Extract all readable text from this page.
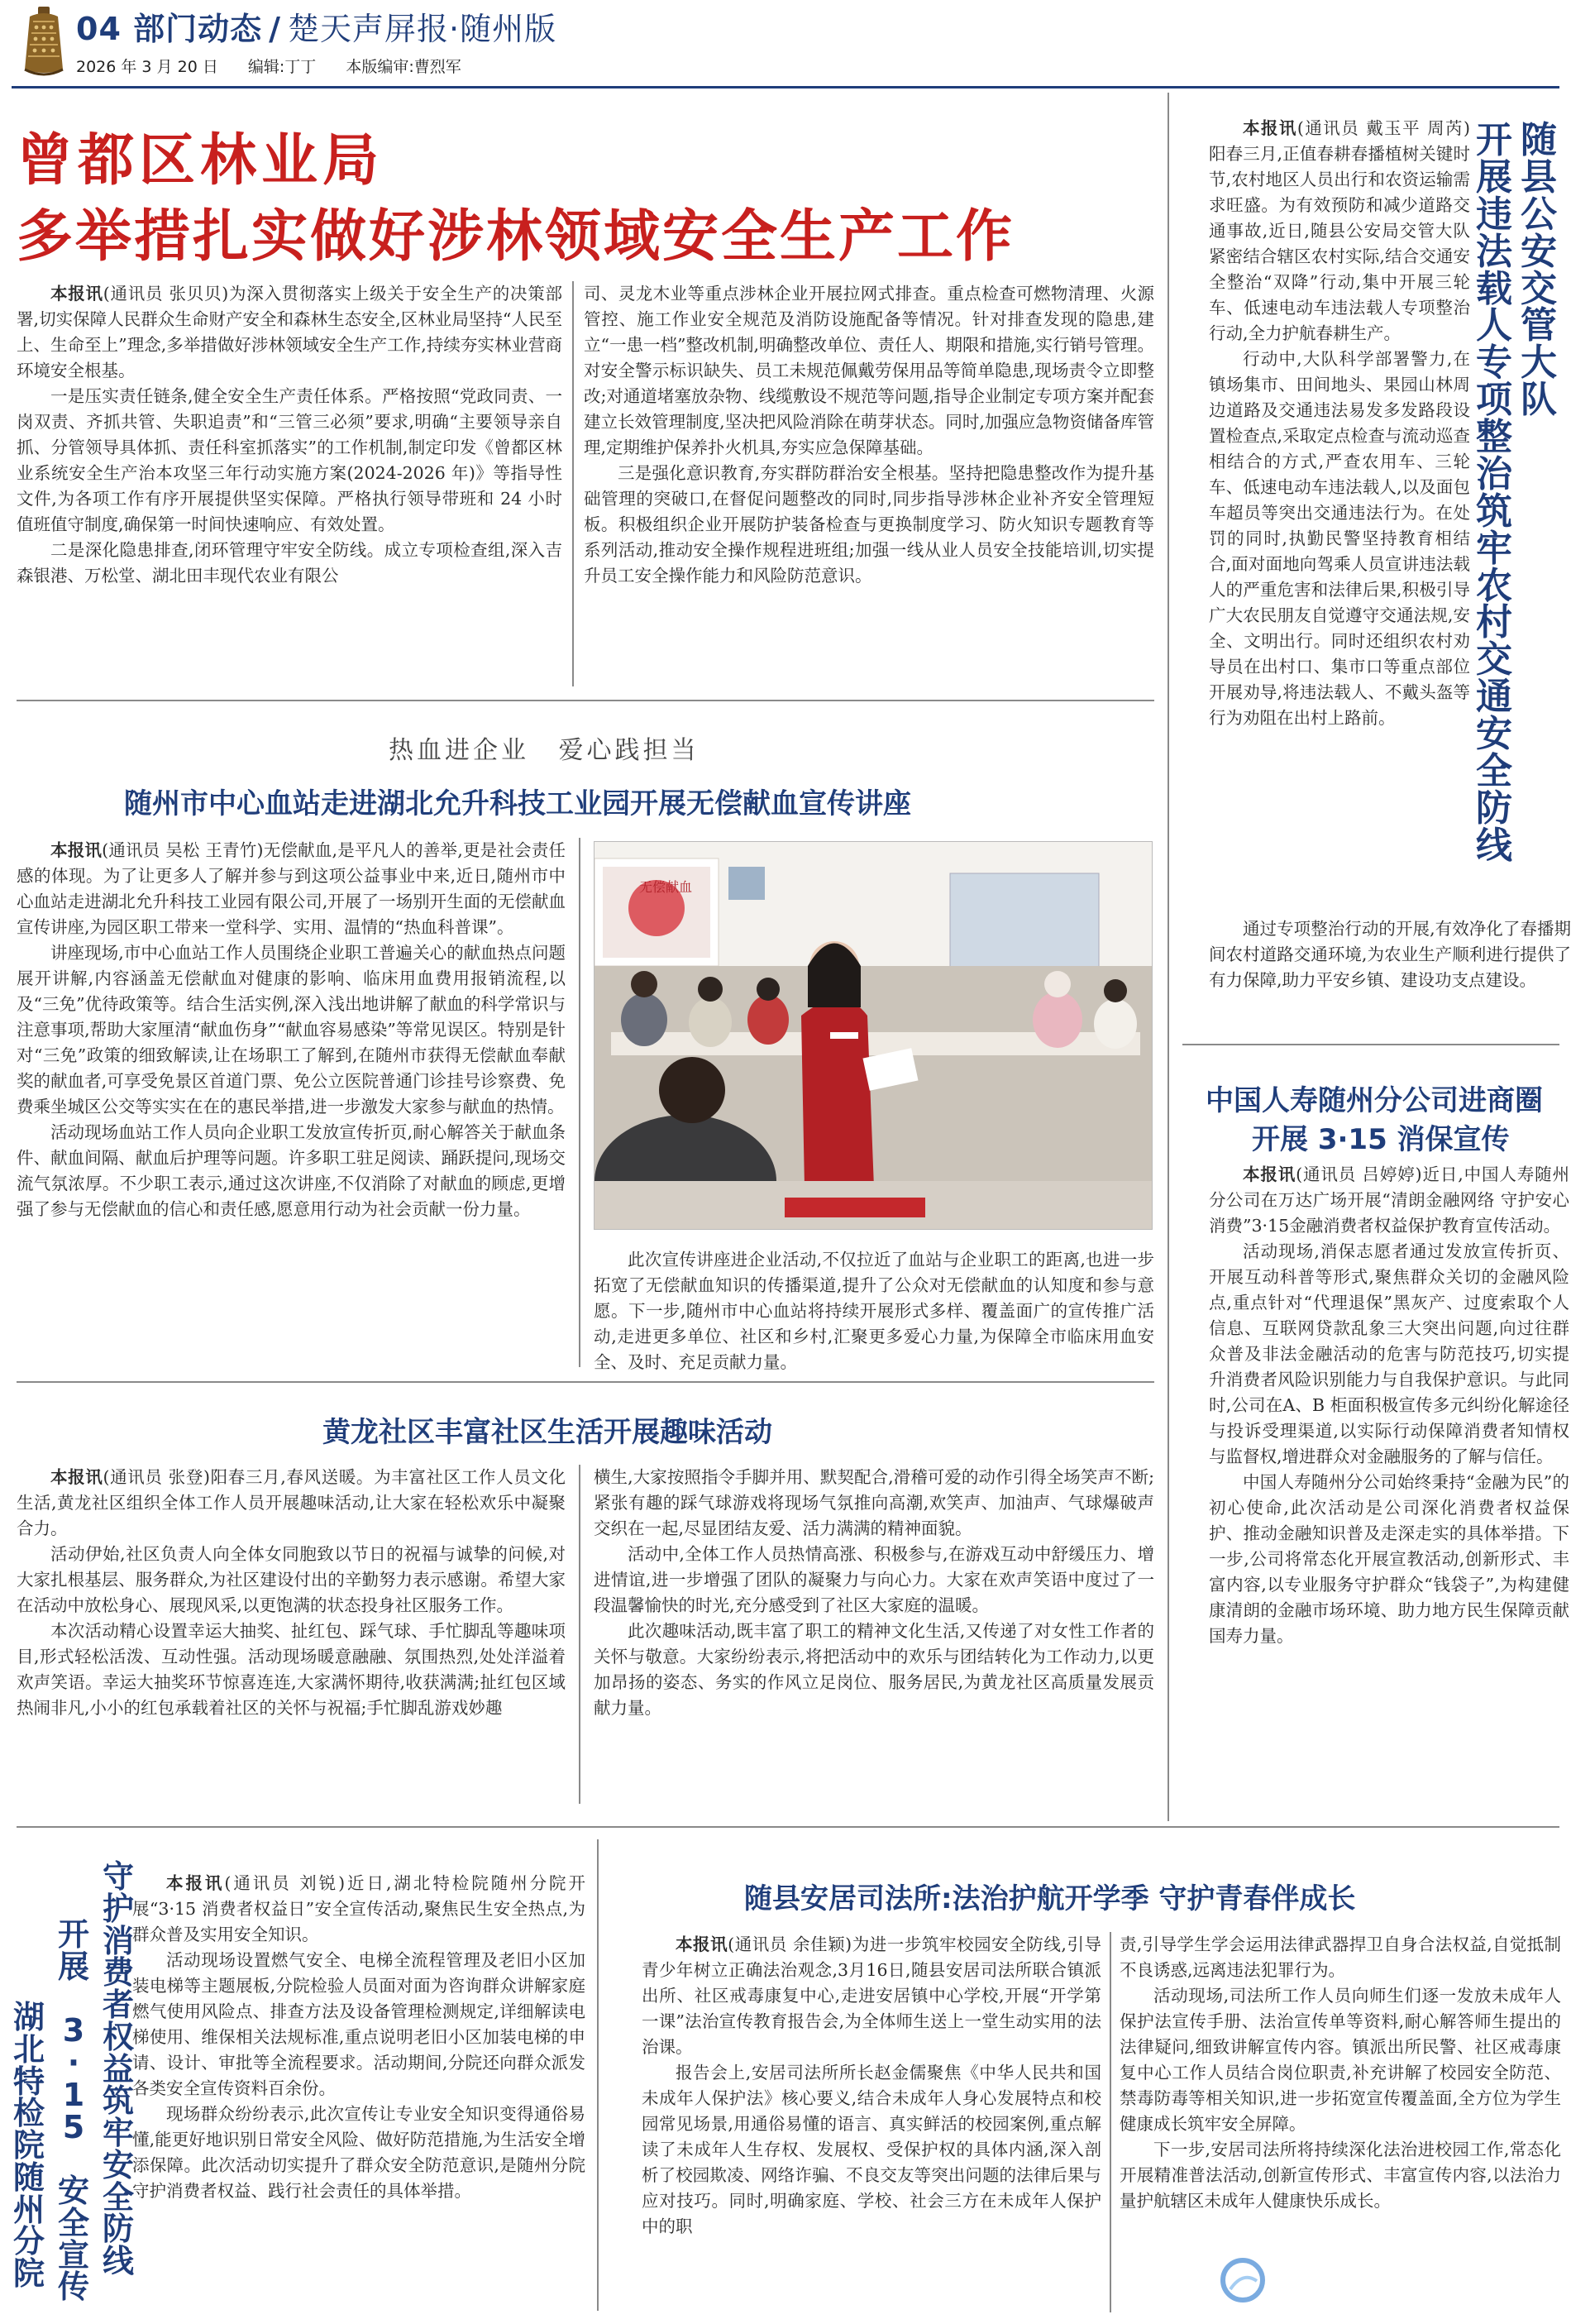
04 部门动态 / 楚天声屏报·随州版
2026 年 3 月 20 日 编辑:丁丁 本版编审:曹烈军
曾都区林业局
多举措扎实做好涉林领域安全生产工作

本报讯(通讯员 张贝贝)为深入贯彻落实上级关于安全生产的决策部署,切实保障人民群众生命财产安全和森林生态安全,区林业局坚持“人民至上、生命至上”理念,多举措做好涉林领域安全生产工作,持续夯实林业营商环境安全根基。

一是压实责任链条,健全安全生产责任体系。严格按照“党政同责、一岗双责、齐抓共管、失职追责”和“三管三必须”要求,明确“主要领导亲自抓、分管领导具体抓、责任科室抓落实”的工作机制,制定印发《曾都区林业系统安全生产治本攻坚三年行动实施方案(2024-2026 年)》等指导性文件,为各项工作有序开展提供坚实保障。严格执行领导带班和 24 小时值班值守制度,确保第一时间快速响应、有效处置。

二是深化隐患排查,闭环管理守牢安全防线。成立专项检查组,深入吉森银港、万松堂、湖北田丰现代农业有限公

司、灵龙木业等重点涉林企业开展拉网式排查。重点检查可燃物清理、火源管控、施工作业安全规范及消防设施配备等情况。针对排查发现的隐患,建立“一患一档”整改机制,明确整改单位、责任人、期限和措施,实行销号管理。对安全警示标识缺失、员工未规范佩戴劳保用品等简单隐患,现场责令立即整改;对通道堵塞放杂物、线缆敷设不规范等问题,指导企业制定专项方案并配套建立长效管理制度,坚决把风险消除在萌芽状态。同时,加强应急物资储备库管理,定期维护保养扑火机具,夯实应急保障基础。

三是强化意识教育,夯实群防群治安全根基。坚持把隐患整改作为提升基础管理的突破口,在督促问题整改的同时,同步指导涉林企业补齐安全管理短板。积极组织企业开展防护装备检查与更换制度学习、防火知识专题教育等系列活动,推动安全操作规程进班组;加强一线从业人员安全技能培训,切实提升员工安全操作能力和风险防范意识。

随
县
公
安
交
管
大
队
开
展
违
法
载
人
专
项
整
治
筑
牢
农
村
交
通
安
全
防
线

本报讯(通讯员 戴玉平 周芮)阳春三月,正值春耕春播植树关键时节,农村地区人员出行和农资运输需求旺盛。为有效预防和减少道路交通事故,近日,随县公安局交管大队紧密结合辖区农村实际,结合交通安全整治“双降”行动,集中开展三轮车、低速电动车违法载人专项整治行动,全力护航春耕生产。

行动中,大队科学部署警力,在镇场集市、田间地头、果园山林周边道路及交通违法易发多发路段设置检查点,采取定点检查与流动巡查相结合的方式,严查农用车、三轮车、低速电动车违法载人,以及面包车超员等突出交通违法行为。在处罚的同时,执勤民警坚持教育相结合,面对面地向驾乘人员宣讲违法载人的严重危害和法律后果,积极引导广大农民朋友自觉遵守交通法规,安全、文明出行。同时还组织农村劝导员在出村口、集市口等重点部位开展劝导,将违法载人、不戴头盔等行为劝阻在出村上路前。

通过专项整治行动的开展,有效净化了春播期间农村道路交通环境,为农业生产顺利进行提供了有力保障,助力平安乡镇、建设功支点建设。

热血进企业 爱心践担当
随州市中心血站走进湖北允升科技工业园开展无偿献血宣传讲座

本报讯(通讯员 吴松 王青竹)无偿献血,是平凡人的善举,更是社会责任感的体现。为了让更多人了解并参与到这项公益事业中来,近日,随州市中心血站走进湖北允升科技工业园有限公司,开展了一场别开生面的无偿献血宣传讲座,为园区职工带来一堂科学、实用、温情的“热血科普课”。

讲座现场,市中心血站工作人员围绕企业职工普遍关心的献血热点问题展开讲解,内容涵盖无偿献血对健康的影响、临床用血费用报销流程,以及“三免”优待政策等。结合生活实例,深入浅出地讲解了献血的科学常识与注意事项,帮助大家厘清“献血伤身”“献血容易感染”等常见误区。特别是针对“三免”政策的细致解读,让在场职工了解到,在随州市获得无偿献血奉献奖的献血者,可享受免景区首道门票、免公立医院普通门诊挂号诊察费、免费乘坐城区公交等实实在在的惠民举措,进一步激发大家参与献血的热情。

活动现场血站工作人员向企业职工发放宣传折页,耐心解答关于献血条件、献血间隔、献血后护理等问题。许多职工驻足阅读、踊跃提问,现场交流气氛浓厚。不少职工表示,通过这次讲座,不仅消除了对献血的顾虑,更增强了参与无偿献血的信心和责任感,愿意用行动为社会贡献一份力量。

无偿献血

此次宣传讲座进企业活动,不仅拉近了血站与企业职工的距离,也进一步拓宽了无偿献血知识的传播渠道,提升了公众对无偿献血的认知度和参与意愿。下一步,随州市中心血站将持续开展形式多样、覆盖面广的宣传推广活动,走进更多单位、社区和乡村,汇聚更多爱心力量,为保障全市临床用血安全、及时、充足贡献力量。

中国人寿随州分公司进商圈
开展 3·15 消保宣传

本报讯(通讯员 吕婷婷)近日,中国人寿随州分公司在万达广场开展“清朗金融网络 守护安心消费”3·15金融消费者权益保护教育宣传活动。

活动现场,消保志愿者通过发放宣传折页、开展互动科普等形式,聚焦群众关切的金融风险点,重点针对“代理退保”黑灰产、过度索取个人信息、互联网贷款乱象三大突出问题,向过往群众普及非法金融活动的危害与防范技巧,切实提升消费者风险识别能力与自我保护意识。与此同时,公司在A、B 柜面积极宣传多元纠纷化解途径与投诉受理渠道,以实际行动保障消费者知情权与监督权,增进群众对金融服务的了解与信任。

中国人寿随州分公司始终秉持“金融为民”的初心使命,此次活动是公司深化消费者权益保护、推动金融知识普及走深走实的具体举措。下一步,公司将常态化开展宣教活动,创新形式、丰富内容,以专业服务守护群众“钱袋子”,为构建健康清朗的金融市场环境、助力地方民生保障贡献国寿力量。

黄龙社区丰富社区生活开展趣味活动

本报讯(通讯员 张登)阳春三月,春风送暖。为丰富社区工作人员文化生活,黄龙社区组织全体工作人员开展趣味活动,让大家在轻松欢乐中凝聚合力。

活动伊始,社区负责人向全体女同胞致以节日的祝福与诚挚的问候,对大家扎根基层、服务群众,为社区建设付出的辛勤努力表示感谢。希望大家在活动中放松身心、展现风采,以更饱满的状态投身社区服务工作。

本次活动精心设置幸运大抽奖、扯红包、踩气球、手忙脚乱等趣味项目,形式轻松活泼、互动性强。活动现场暖意融融、氛围热烈,处处洋溢着欢声笑语。幸运大抽奖环节惊喜连连,大家满怀期待,收获满满;扯红包区域热闹非凡,小小的红包承载着社区的关怀与祝福;手忙脚乱游戏妙趣

横生,大家按照指令手脚并用、默契配合,滑稽可爱的动作引得全场笑声不断;紧张有趣的踩气球游戏将现场气氛推向高潮,欢笑声、加油声、气球爆破声交织在一起,尽显团结友爱、活力满满的精神面貌。

活动中,全体工作人员热情高涨、积极参与,在游戏互动中舒缓压力、增进情谊,进一步增强了团队的凝聚力与向心力。大家在欢声笑语中度过了一段温馨愉快的时光,充分感受到了社区大家庭的温暖。

此次趣味活动,既丰富了职工的精神文化生活,又传递了对女性工作者的关怀与敬意。大家纷纷表示,将把活动中的欢乐与团结转化为工作动力,以更加昂扬的姿态、务实的作风立足岗位、服务居民,为黄龙社区高质量发展贡献力量。

守
护
消
费
者
权
益
筑
牢
安
全
防
线
开
展

3
·
1
5

安
全
宣
传
湖
北
特
检
院
随
州
分
院

本报讯(通讯员 刘锐)近日,湖北特检院随州分院开展“3·15 消费者权益日”安全宣传活动,聚焦民生安全热点,为群众普及实用安全知识。

活动现场设置燃气安全、电梯全流程管理及老旧小区加装电梯等主题展板,分院检验人员面对面为咨询群众讲解家庭燃气使用风险点、排查方法及设备管理检测规定,详细解读电梯使用、维保相关法规标准,重点说明老旧小区加装电梯的申请、设计、审批等全流程要求。活动期间,分院还向群众派发各类安全宣传资料百余份。

现场群众纷纷表示,此次宣传让专业安全知识变得通俗易懂,能更好地识别日常安全风险、做好防范措施,为生活安全增添保障。此次活动切实提升了群众安全防范意识,是随州分院守护消费者权益、践行社会责任的具体举措。

随县安居司法所:法治护航开学季 守护青春伴成长

本报讯(通讯员 余佳颖)为进一步筑牢校园安全防线,引导青少年树立正确法治观念,3月16日,随县安居司法所联合镇派出所、社区戒毒康复中心,走进安居镇中心学校,开展“开学第一课”法治宣传教育报告会,为全体师生送上一堂生动实用的法治课。

报告会上,安居司法所所长赵金儒聚焦《中华人民共和国未成年人保护法》核心要义,结合未成年人身心发展特点和校园常见场景,用通俗易懂的语言、真实鲜活的校园案例,重点解读了未成年人生存权、发展权、受保护权的具体内涵,深入剖析了校园欺凌、网络诈骗、不良交友等突出问题的法律后果与应对技巧。同时,明确家庭、学校、社会三方在未成年人保护中的职

责,引导学生学会运用法律武器捍卫自身合法权益,自觉抵制不良诱惑,远离违法犯罪行为。

活动现场,司法所工作人员向师生们逐一发放未成年人保护法宣传手册、法治宣传单等资料,耐心解答师生提出的法律疑问,细致讲解宣传内容。镇派出所民警、社区戒毒康复中心工作人员结合岗位职责,补充讲解了校园安全防范、禁毒防毒等相关知识,进一步拓宽宣传覆盖面,全方位为学生健康成长筑牢安全屏障。

下一步,安居司法所将持续深化法治进校园工作,常态化开展精准普法活动,创新宣传形式、丰富宣传内容,以法治力量护航辖区未成年人健康快乐成长。
